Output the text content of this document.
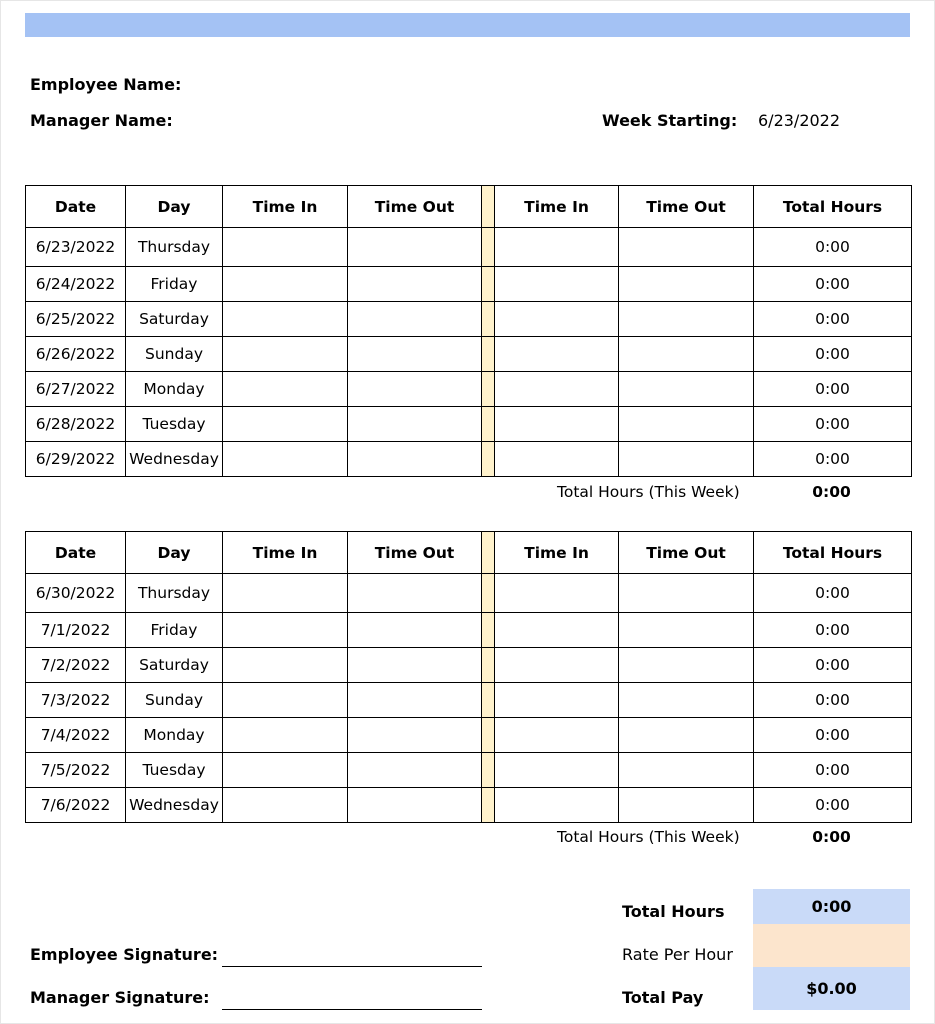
Employee Name:
Manager Name:	Week Starting: 6/23/2022
Date	Day	Time In	Time Out		Time In	Time Out	Total Hours
6/23/2022	Thursday						0:00
6/24/2022	Friday						0:00
6/25/2022	Saturday						0:00
6/26/2022	Sunday						0:00
6/27/2022	Monday						0:00
6/28/2022	Tuesday						0:00
6/29/2022	Wednesday						0:00
Total Hours (This Week)	0:00
Date	Day	Time In	Time Out		Time In	Time Out	Total Hours
6/30/2022	Thursday						0:00
7/1/2022	Friday						0:00
7/2/2022	Saturday						0:00
7/3/2022	Sunday						0:00
7/4/2022	Monday						0:00
7/5/2022	Tuesday						0:00
7/6/2022	Wednesday						0:00
Total Hours (This Week)	0:00
Total Hours	0:00
Rate Per Hour
Total Pay	$0.00
Employee Signature:
Manager Signature:
